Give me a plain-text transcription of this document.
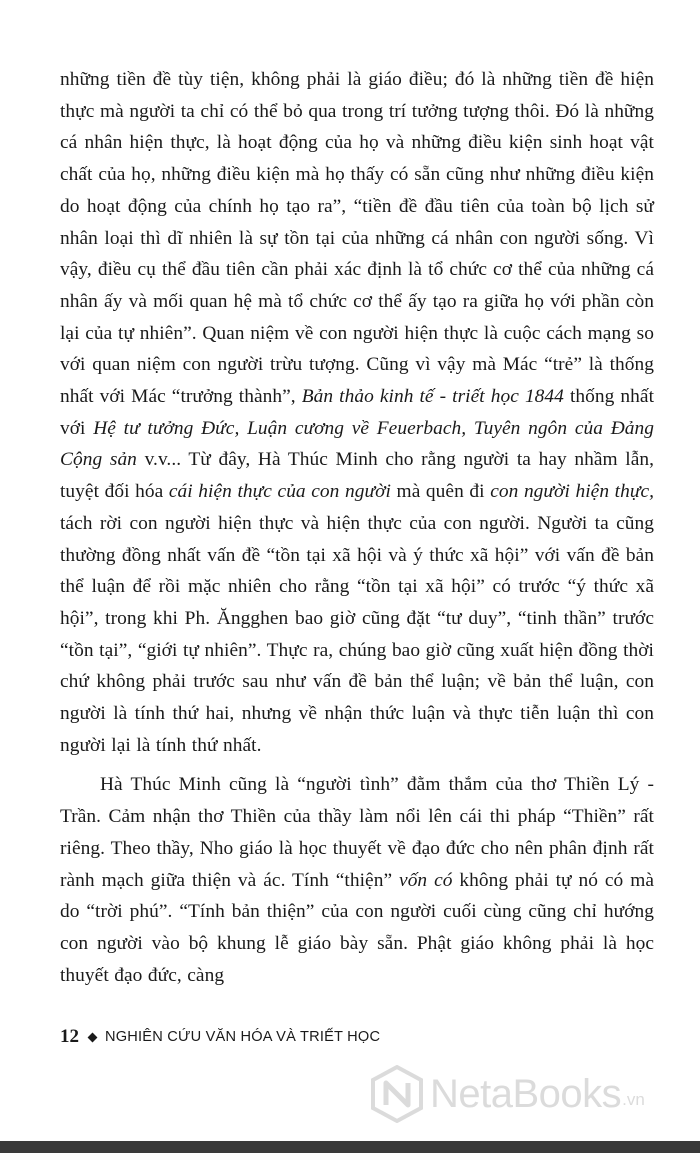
những tiền đề tùy tiện, không phải là giáo điều; đó là những tiền đề hiện thực mà người ta chỉ có thể bỏ qua trong trí tưởng tượng thôi. Đó là những cá nhân hiện thực, là hoạt động của họ và những điều kiện sinh hoạt vật chất của họ, những điều kiện mà họ thấy có sẵn cũng như những điều kiện do hoạt động của chính họ tạo ra”, “tiền đề đầu tiên của toàn bộ lịch sử nhân loại thì dĩ nhiên là sự tồn tại của những cá nhân con người sống. Vì vậy, điều cụ thể đầu tiên cần phải xác định là tổ chức cơ thể của những cá nhân ấy và mối quan hệ mà tổ chức cơ thể ấy tạo ra giữa họ với phần còn lại của tự nhiên”. Quan niệm về con người hiện thực là cuộc cách mạng so với quan niệm con người trừu tượng. Cũng vì vậy mà Mác “trẻ” là thống nhất với Mác “trưởng thành”, Bản thảo kinh tế - triết học 1844 thống nhất với Hệ tư tưởng Đức, Luận cương về Feuerbach, Tuyên ngôn của Đảng Cộng sản v.v... Từ đây, Hà Thúc Minh cho rằng người ta hay nhầm lẫn, tuyệt đối hóa cái hiện thực của con người mà quên đi con người hiện thực, tách rời con người hiện thực và hiện thực của con người. Người ta cũng thường đồng nhất vấn đề “tồn tại xã hội và ý thức xã hội” với vấn đề bản thể luận để rồi mặc nhiên cho rằng “tồn tại xã hội” có trước “ý thức xã hội”, trong khi Ph. Ăngghen bao giờ cũng đặt “tư duy”, “tinh thần” trước “tồn tại”, “giới tự nhiên”. Thực ra, chúng bao giờ cũng xuất hiện đồng thời chứ không phải trước sau như vấn đề bản thể luận; về bản thể luận, con người là tính thứ hai, nhưng về nhận thức luận và thực tiễn luận thì con người lại là tính thứ nhất.

Hà Thúc Minh cũng là “người tình” đằm thắm của thơ Thiền Lý - Trần. Cảm nhận thơ Thiền của thầy làm nổi lên cái thi pháp “Thiền” rất riêng. Theo thầy, Nho giáo là học thuyết về đạo đức cho nên phân định rất rành mạch giữa thiện và ác. Tính “thiện” vốn có không phải tự nó có mà do “trời phú”. “Tính bản thiện” của con người cuối cùng cũng chỉ hướng con người vào bộ khung lễ giáo bày sẵn. Phật giáo không phải là học thuyết đạo đức, càng

12 NGHIÊN CỨU VĂN HÓA VÀ TRIẾT HỌC
NetaBooks .vn
